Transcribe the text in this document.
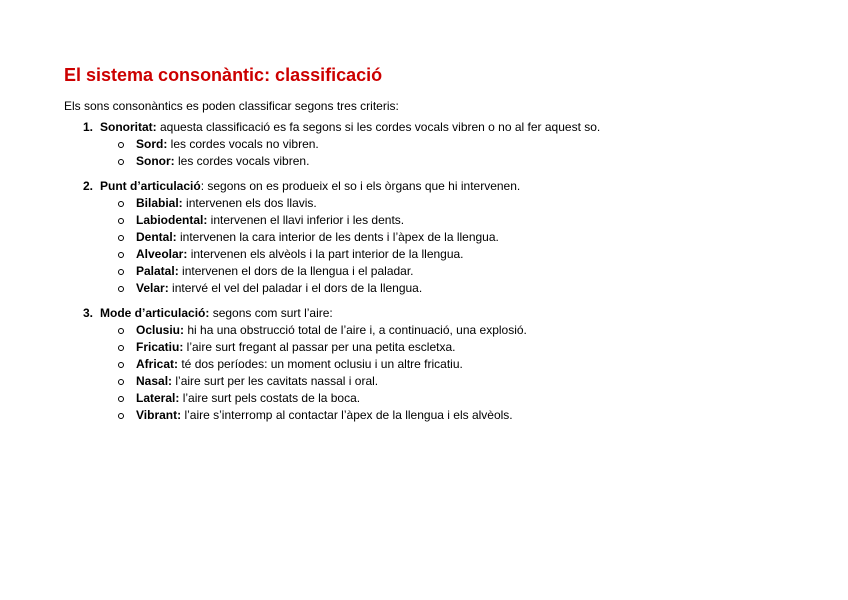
El sistema consonàntic: classificació

Els sons consonàntics es poden classificar segons tres criteris:

1. Sonoritat: aquesta classificació es fa segons si les cordes vocals vibren o no al fer aquest so.
Sord: les cordes vocals no vibren.
Sonor: les cordes vocals vibren.
2. Punt d’articulació: segons on es produeix el so i els òrgans que hi intervenen.
Bilabial: intervenen els dos llavis.
Labiodental: intervenen el llavi inferior i les dents.
Dental: intervenen la cara interior de les dents i l’àpex de la llengua.
Alveolar: intervenen els alvèols i la part interior de la llengua.
Palatal: intervenen el dors de la llengua i el paladar.
Velar: intervé el vel del paladar i el dors de la llengua.
3. Mode d’articulació: segons com surt l’aire:
Oclusiu: hi ha una obstrucció total de l’aire i, a continuació, una explosió.
Fricatiu: l’aire surt fregant al passar per una petita escletxa.
Africat: té dos períodes: un moment oclusiu i un altre fricatiu.
Nasal: l’aire surt per les cavitats nassal i oral.
Lateral: l’aire surt pels costats de la boca.
Vibrant: l’aire s’interromp al contactar l’àpex de la llengua i els alvèols.
